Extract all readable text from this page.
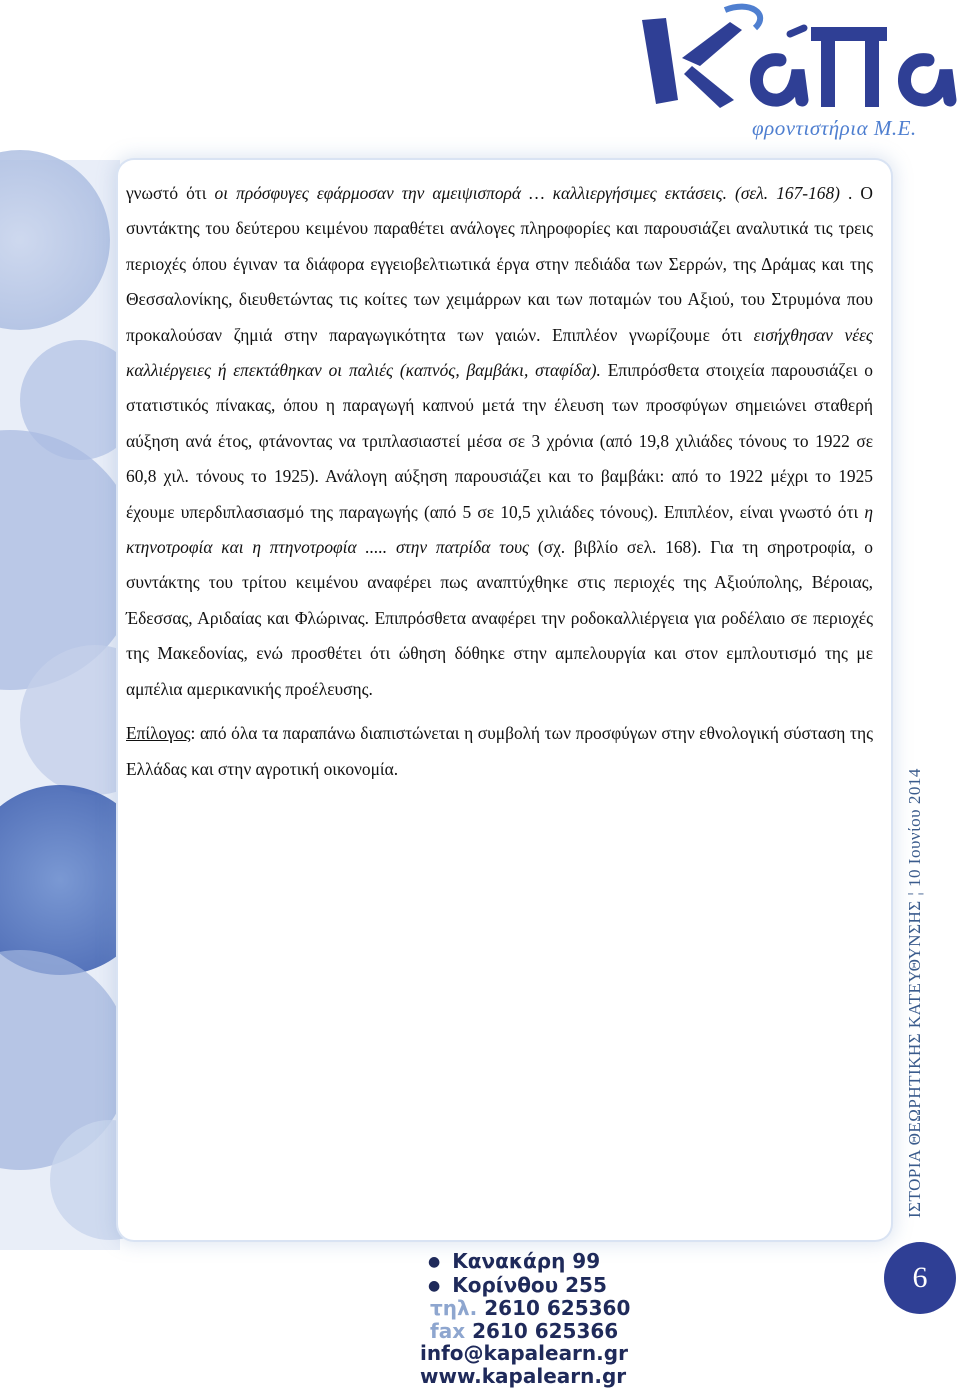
φροντιστήρια Μ.Ε.

γνωστό ότι οι πρόσφυγες εφάρμοσαν την αμειψισπορά … καλλιεργήσιμες εκτάσεις. (σελ. 167-168) . Ο συντάκτης του δεύτερου κειμένου παραθέτει ανάλογες πληροφορίες και παρουσιάζει αναλυτικά τις τρεις περιοχές όπου έγιναν τα διάφορα εγγειοβελτιωτικά έργα στην πεδιάδα των Σερρών, της Δράμας και της Θεσσαλονίκης, διευθετώντας τις κοίτες των χειμάρρων και των ποταμών του Αξιού, του Στρυμόνα που προκαλούσαν ζημιά στην παραγωγικότητα των γαιών. Επιπλέον γνωρίζουμε ότι εισήχθησαν νέες καλλιέργειες ή επεκτάθηκαν οι παλιές (καπνός, βαμβάκι, σταφίδα). Επιπρόσθετα στοιχεία παρουσιάζει ο στατιστικός πίνακας, όπου η παραγωγή καπνού μετά την έλευση των προσφύγων σημειώνει σταθερή αύξηση ανά έτος, φτάνοντας να τριπλασιαστεί μέσα σε 3 χρόνια (από 19,8 χιλιάδες τόνους το 1922 σε 60,8 χιλ. τόνους το 1925). Ανάλογη αύξηση παρουσιάζει και το βαμβάκι: από το 1922 μέχρι το 1925 έχουμε υπερδιπλασιασμό της παραγωγής (από 5 σε 10,5 χιλιάδες τόνους). Επιπλέον, είναι γνωστό ότι η κτηνοτροφία και η πτηνοτροφία ..... στην πατρίδα τους (σχ. βιβλίο σελ. 168). Για τη σηροτροφία, ο συντάκτης του τρίτου κειμένου αναφέρει πως αναπτύχθηκε στις περιοχές της Αξιούπολης, Βέροιας, Έδεσσας, Αριδαίας και Φλώρινας. Επιπρόσθετα αναφέρει την ροδοκαλλιέργεια για ροδέλαιο σε περιοχές της Μακεδονίας, ενώ προσθέτει ότι ώθηση δόθηκε στην αμπελουργία και στον εμπλουτισμό της με αμπέλια αμερικανικής προέλευσης.

Επίλογος: από όλα τα παραπάνω διαπιστώνεται η συμβολή των προσφύγων στην εθνολογική σύσταση της Ελλάδας και στην αγροτική οικονομία.	ΙΣΤΟΡΙΑ ΘΕΩΡΗΤΙΚΗΣ ΚΑΤΕΥΘΥΝΣΗΣ ¦ 10 Ιουνίου 2014
6
● Κανακάρη 99
● Κορίνθου 255
τηλ. 2610 625360
fax 2610 625366
info@kapalearn.gr
www.kapalearn.gr
